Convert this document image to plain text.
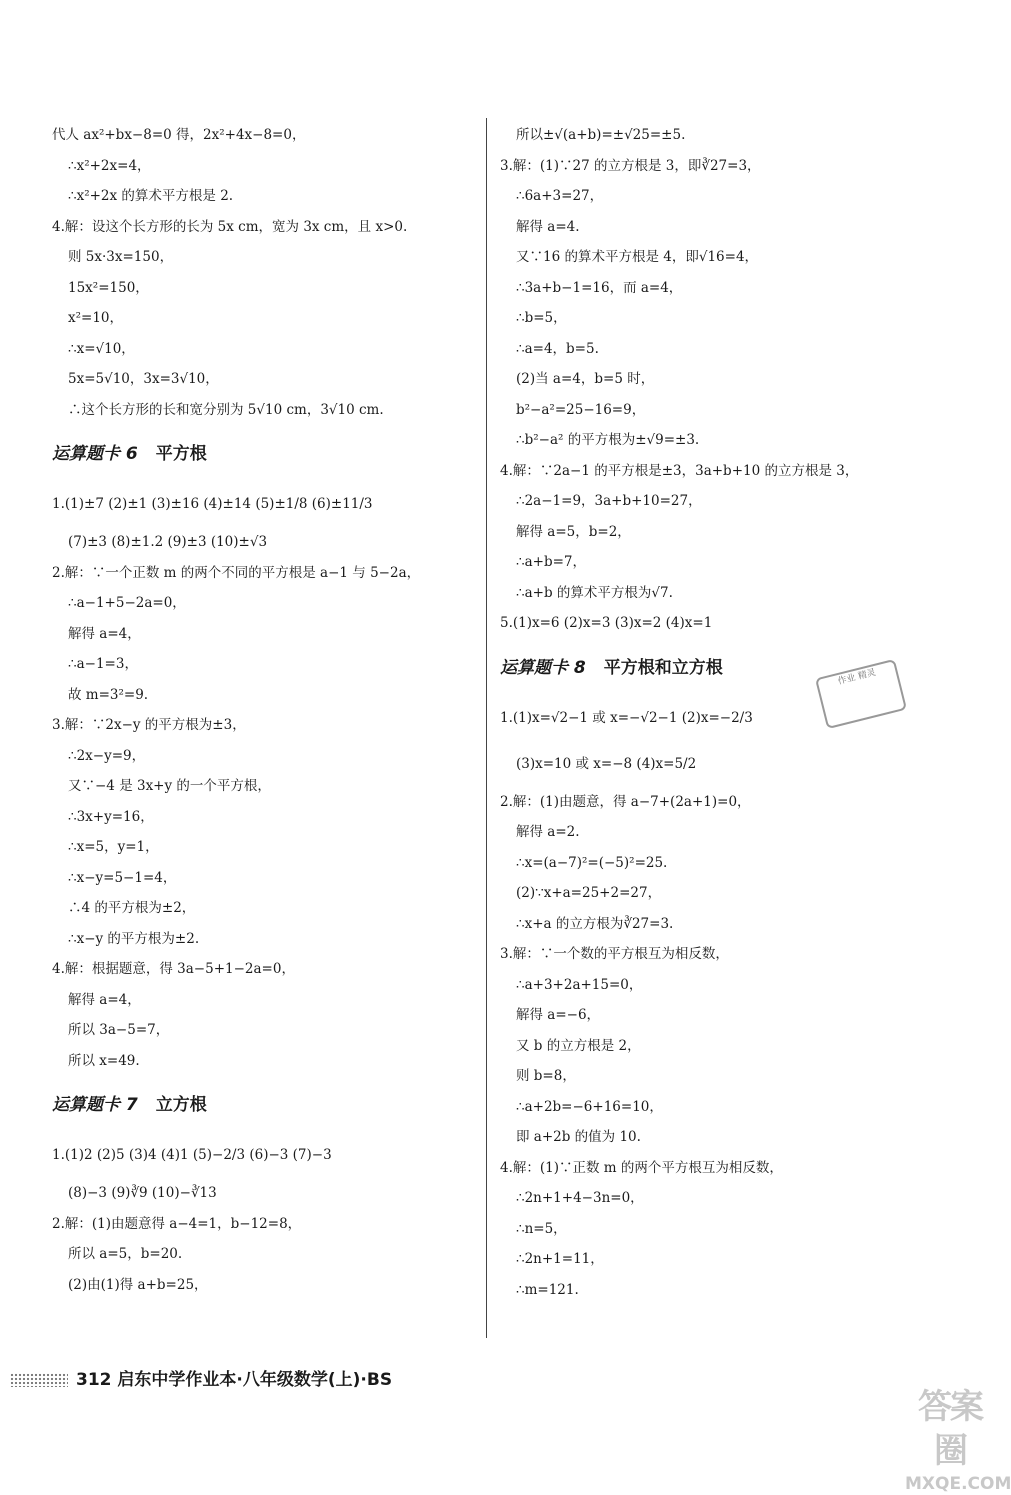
代人 ax²+bx−8=0 得，2x²+4x−8=0，
∴x²+2x=4，
∴x²+2x 的算术平方根是 2.
4.解：设这个长方形的长为 5x cm，宽为 3x cm，且 x>0.
则 5x·3x=150，
15x²=150，
x²=10，
∴x=√10，
5x=5√10，3x=3√10，
∴这个长方形的长和宽分别为 5√10 cm，3√10 cm.
运算题卡 6 平方根
1.(1)±7 (2)±1 (3)±16 (4)±14 (5)±1/8 (6)±11/3
(7)±3 (8)±1.2 (9)±3 (10)±√3
2.解：∵一个正数 m 的两个不同的平方根是 a−1 与 5−2a，
∴a−1+5−2a=0，
解得 a=4，
∴a−1=3，
故 m=3²=9.
3.解：∵2x−y 的平方根为±3，
∴2x−y=9，
又∵−4 是 3x+y 的一个平方根，
∴3x+y=16，
∴x=5，y=1，
∴x−y=5−1=4，
∴4 的平方根为±2，
∴x−y 的平方根为±2.
4.解：根据题意，得 3a−5+1−2a=0，
解得 a=4，
所以 3a−5=7，
所以 x=49.
运算题卡 7 立方根
1.(1)2 (2)5 (3)4 (4)1 (5)−2/3 (6)−3 (7)−3
(8)−3 (9)∛9 (10)−∛13
2.解：(1)由题意得 a−4=1，b−12=8，
所以 a=5，b=20.
(2)由(1)得 a+b=25，
所以±√(a+b)=±√25=±5.
3.解：(1)∵27 的立方根是 3，即∛27=3，
∴6a+3=27，
解得 a=4.
又∵16 的算术平方根是 4，即√16=4，
∴3a+b−1=16，而 a=4，
∴b=5，
∴a=4，b=5.
(2)当 a=4，b=5 时，
b²−a²=25−16=9，
∴b²−a² 的平方根为±√9=±3.
4.解：∵2a−1 的平方根是±3，3a+b+10 的立方根是 3，
∴2a−1=9，3a+b+10=27，
解得 a=5，b=2，
∴a+b=7，
∴a+b 的算术平方根为√7.
5.(1)x=6 (2)x=3 (3)x=2 (4)x=1
运算题卡 8 平方根和立方根
1.(1)x=√2−1 或 x=−√2−1 (2)x=−2/3
(3)x=10 或 x=−8 (4)x=5/2
2.解：(1)由题意，得 a−7+(2a+1)=0，
解得 a=2.
∴x=(a−7)²=(−5)²=25.
(2)∵x+a=25+2=27，
∴x+a 的立方根为∛27=3.
3.解：∵一个数的平方根互为相反数，
∴a+3+2a+15=0，
解得 a=−6，
又 b 的立方根是 2，
则 b=8，
∴a+2b=−6+16=10，
即 a+2b 的值为 10.
4.解：(1)∵正数 m 的两个平方根互为相反数，
∴2n+1+4−3n=0，
∴n=5，
∴2n+1=11，
∴m=121.
作业 精灵
312 启东中学作业本·八年级数学(上)·BS
答案圈
MXQE.COM
